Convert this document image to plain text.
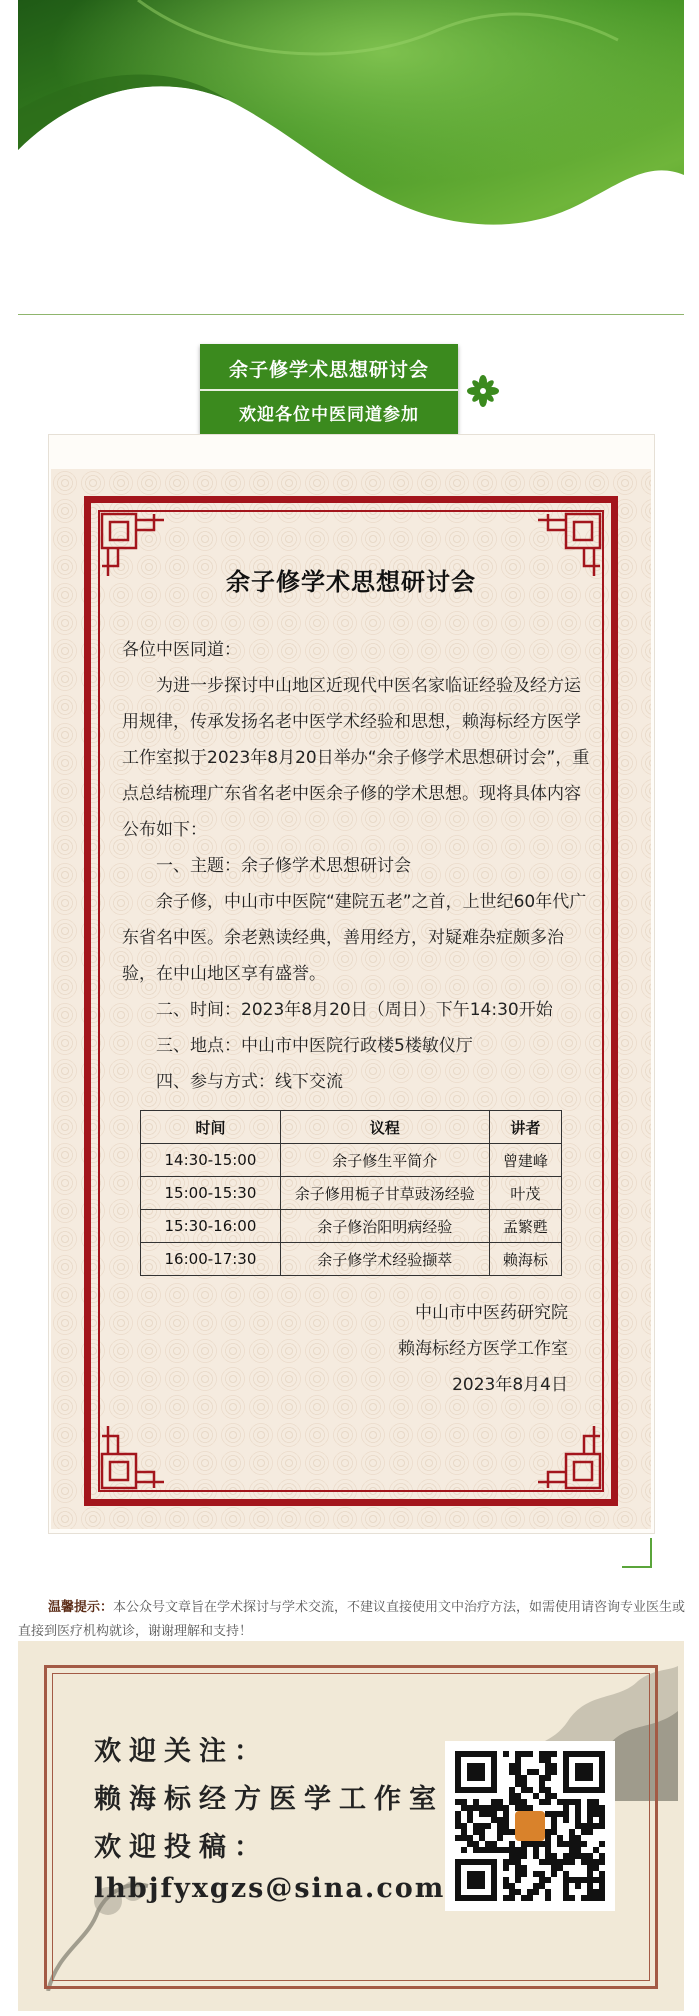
余子修学术思想研讨会
欢迎各位中医同道参加
余子修学术思想研讨会
各位中医同道：
为进一步探讨中山地区近现代中医名家临证经验及经方运用规律，传承发扬名老中医学术经验和思想，赖海标经方医学工作室拟于2023年8月20日举办“余子修学术思想研讨会”，重点总结梳理广东省名老中医余子修的学术思想。现将具体内容公布如下：
一、主题：余子修学术思想研讨会
余子修，中山市中医院“建院五老”之首，上世纪60年代广东省名中医。余老熟读经典，善用经方，对疑难杂症颇多治验，在中山地区享有盛誉。
二、时间：2023年8月20日（周日）下午14:30开始
三、地点：中山市中医院行政楼5楼敏仪厅
四、参与方式：线下交流
时间	议程	讲者
14:30-15:00	余子修生平简介	曾建峰
15:00-15:30	余子修用栀子甘草豉汤经验	叶茂
15:30-16:00	余子修治阳明病经验	孟繁甦
16:00-17:30	余子修学术经验撷萃	赖海标
中山市中医药研究院
赖海标经方医学工作室
2023年8月4日
温馨提示：本公众号文章旨在学术探讨与学术交流，不建议直接使用文中治疗方法，如需使用请咨询专业医生或直接到医疗机构就诊，谢谢理解和支持！
欢迎关注：
赖海标经方医学工作室
欢迎投稿：
lhbjfyxgzs@sina.com
